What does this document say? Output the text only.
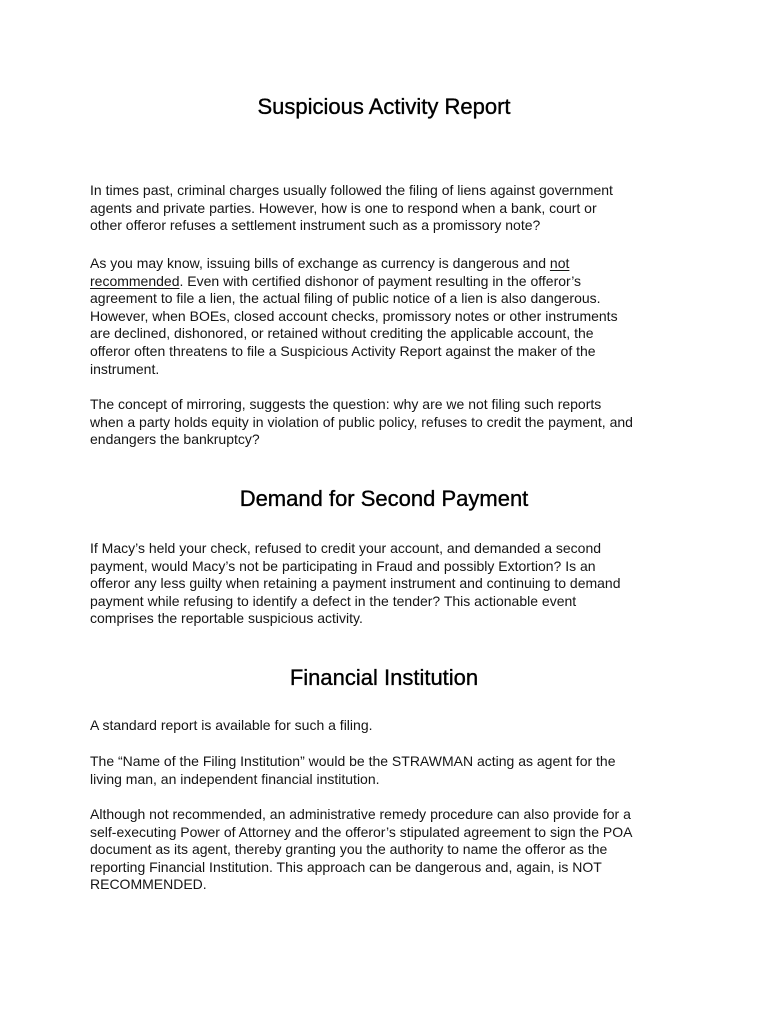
Suspicious Activity Report
In times past, criminal charges usually followed the filing of liens against government
agents and private parties. However, how is one to respond when a bank, court or
other offeror refuses a settlement instrument such as a promissory note?
As you may know, issuing bills of exchange as currency is dangerous and not
recommended. Even with certified dishonor of payment resulting in the offeror’s
agreement to file a lien, the actual filing of public notice of a lien is also dangerous.
However, when BOEs, closed account checks, promissory notes or other instruments
are declined, dishonored, or retained without crediting the applicable account, the
offeror often threatens to file a Suspicious Activity Report against the maker of the
instrument.
The concept of mirroring, suggests the question: why are we not filing such reports
when a party holds equity in violation of public policy, refuses to credit the payment, and
endangers the bankruptcy?
Demand for Second Payment
If Macy’s held your check, refused to credit your account, and demanded a second
payment, would Macy’s not be participating in Fraud and possibly Extortion? Is an
offeror any less guilty when retaining a payment instrument and continuing to demand
payment while refusing to identify a defect in the tender? This actionable event
comprises the reportable suspicious activity.
Financial Institution
A standard report is available for such a filing.
The “Name of the Filing Institution” would be the STRAWMAN acting as agent for the
living man, an independent financial institution.
Although not recommended, an administrative remedy procedure can also provide for a
self-executing Power of Attorney and the offeror’s stipulated agreement to sign the POA
document as its agent, thereby granting you the authority to name the offeror as the
reporting Financial Institution. This approach can be dangerous and, again, is NOT
RECOMMENDED.
